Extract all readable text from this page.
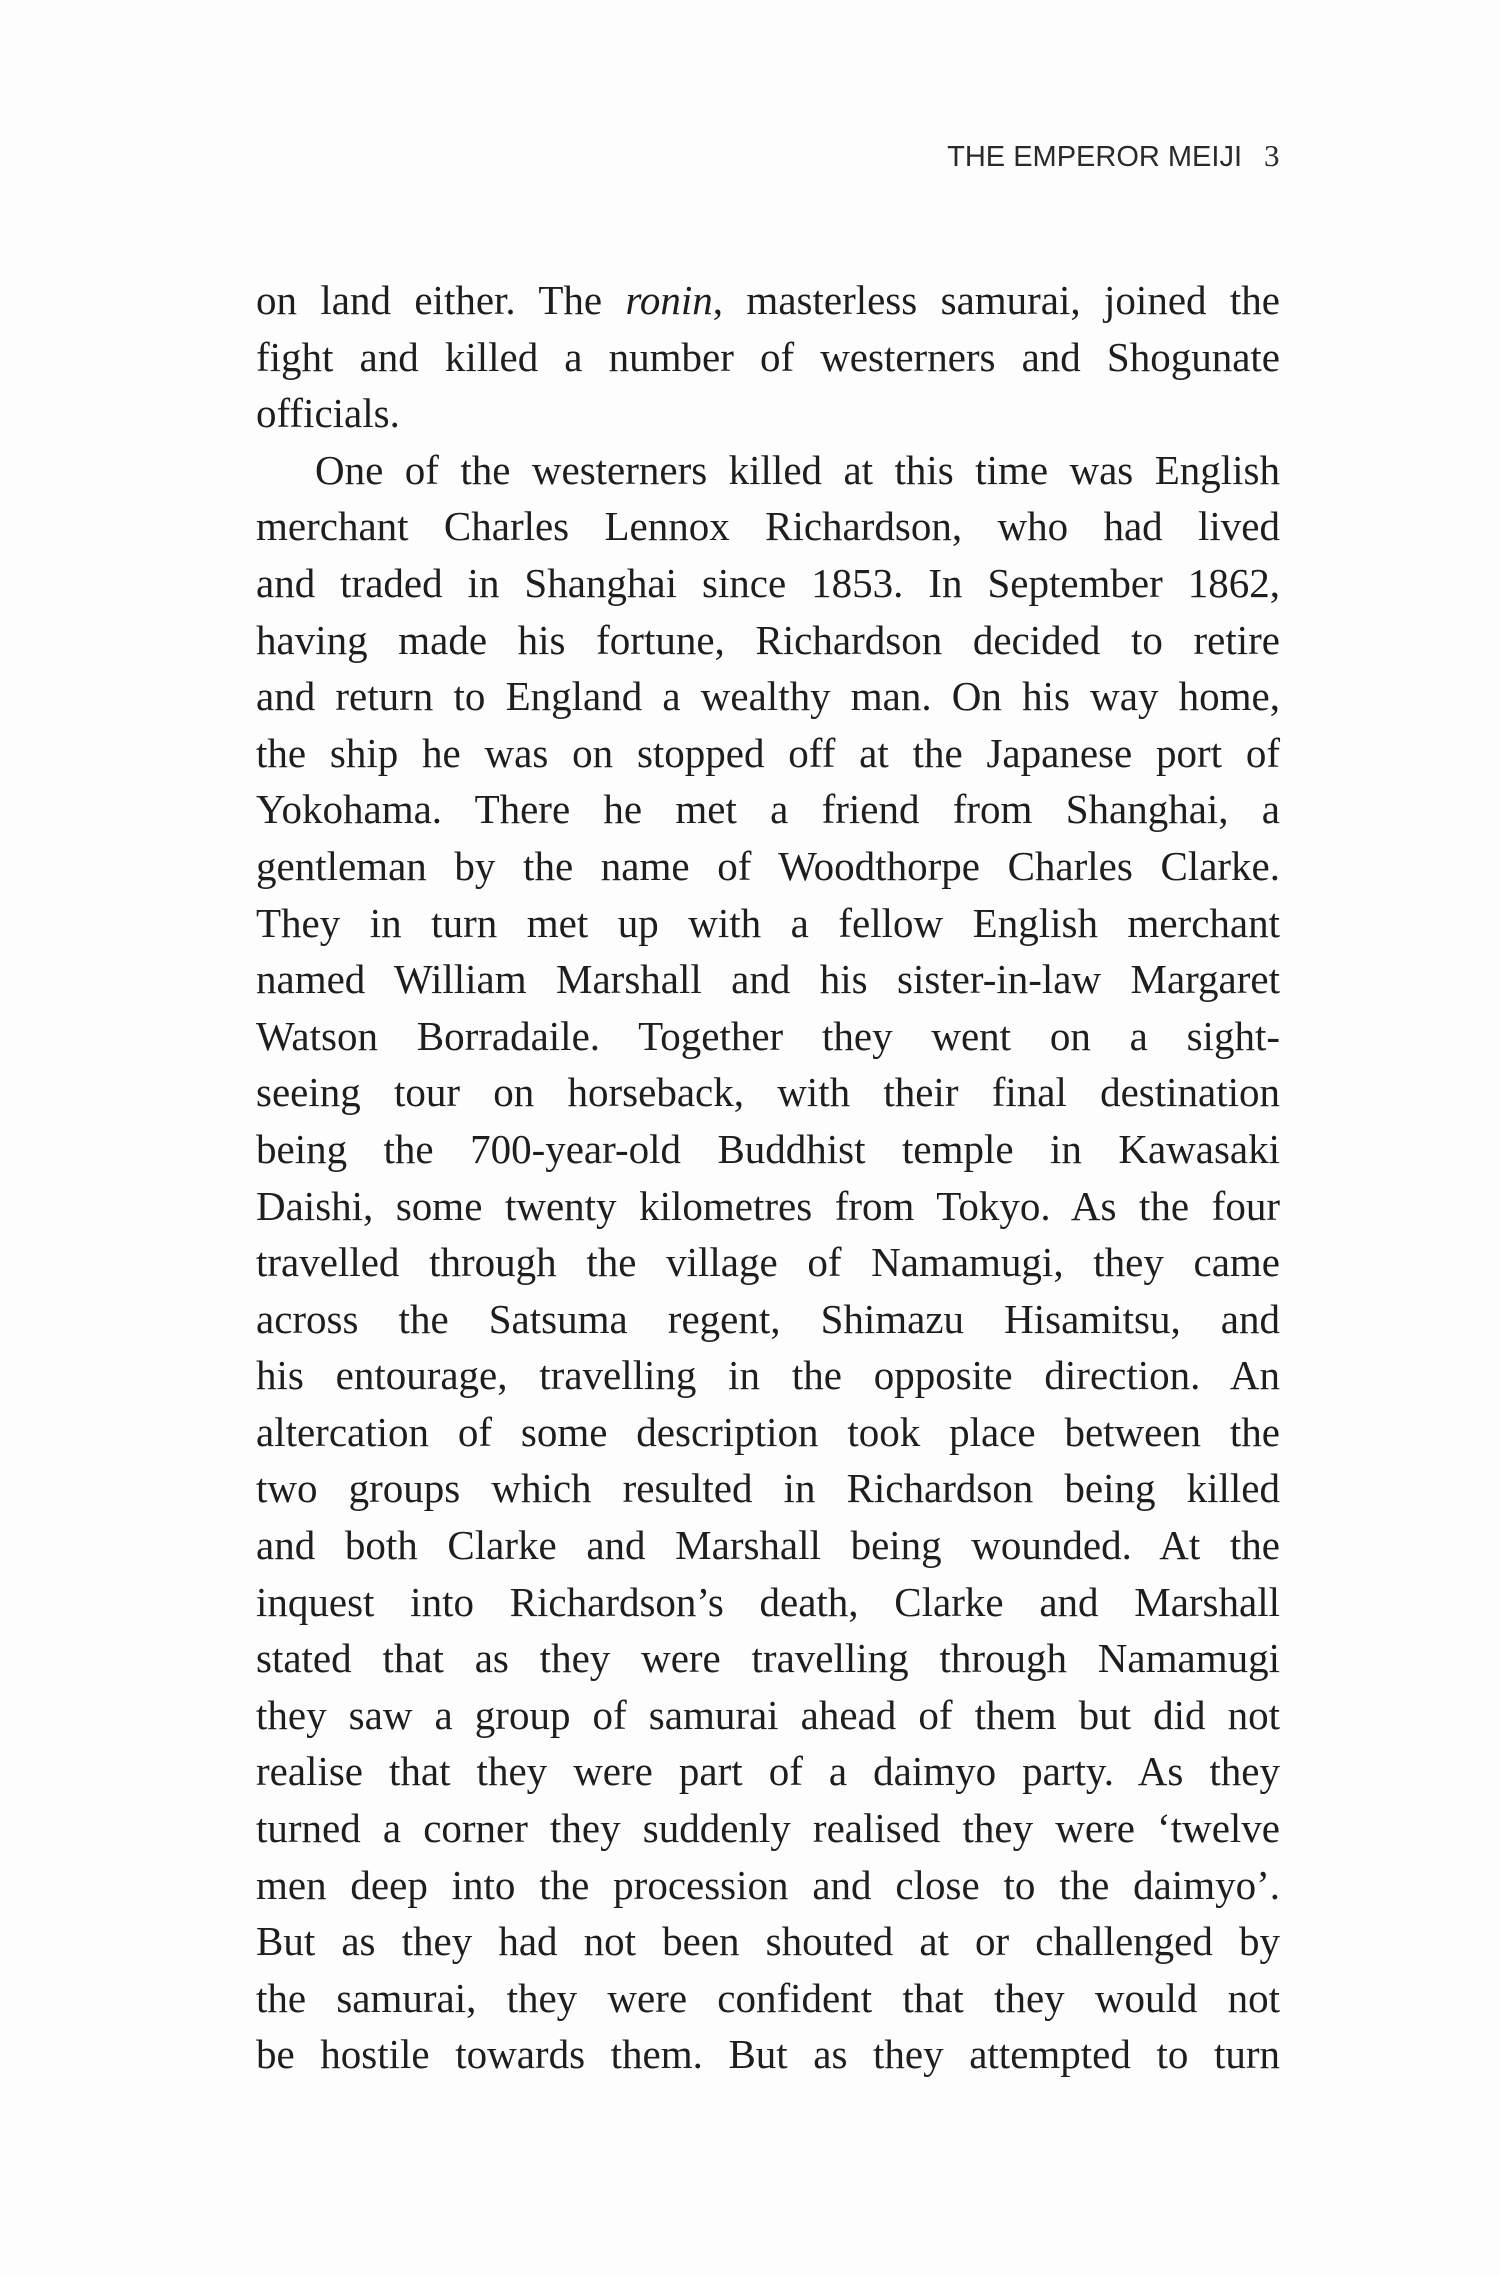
THE EMPEROR MEIJI 3
on land either. The ronin, masterless samurai, joined the
fight and killed a number of westerners and Shogunate
officials.
One of the westerners killed at this time was English
merchant Charles Lennox Richardson, who had lived
and traded in Shanghai since 1853. In September 1862,
having made his fortune, Richardson decided to retire
and return to England a wealthy man. On his way home,
the ship he was on stopped off at the Japanese port of
Yokohama. There he met a friend from Shanghai, a
gentleman by the name of Woodthorpe Charles Clarke.
They in turn met up with a fellow English merchant
named William Marshall and his sister-in-law Margaret
Watson Borradaile. Together they went on a sight-
seeing tour on horseback, with their final destination
being the 700-year-old Buddhist temple in Kawasaki
Daishi, some twenty kilometres from Tokyo. As the four
travelled through the village of Namamugi, they came
across the Satsuma regent, Shimazu Hisamitsu, and
his entourage, travelling in the opposite direction. An
altercation of some description took place between the
two groups which resulted in Richardson being killed
and both Clarke and Marshall being wounded. At the
inquest into Richardson’s death, Clarke and Marshall
stated that as they were travelling through Namamugi
they saw a group of samurai ahead of them but did not
realise that they were part of a daimyo party. As they
turned a corner they suddenly realised they were ‘twelve
men deep into the procession and close to the daimyo’.
But as they had not been shouted at or challenged by
the samurai, they were confident that they would not
be hostile towards them. But as they attempted to turn
